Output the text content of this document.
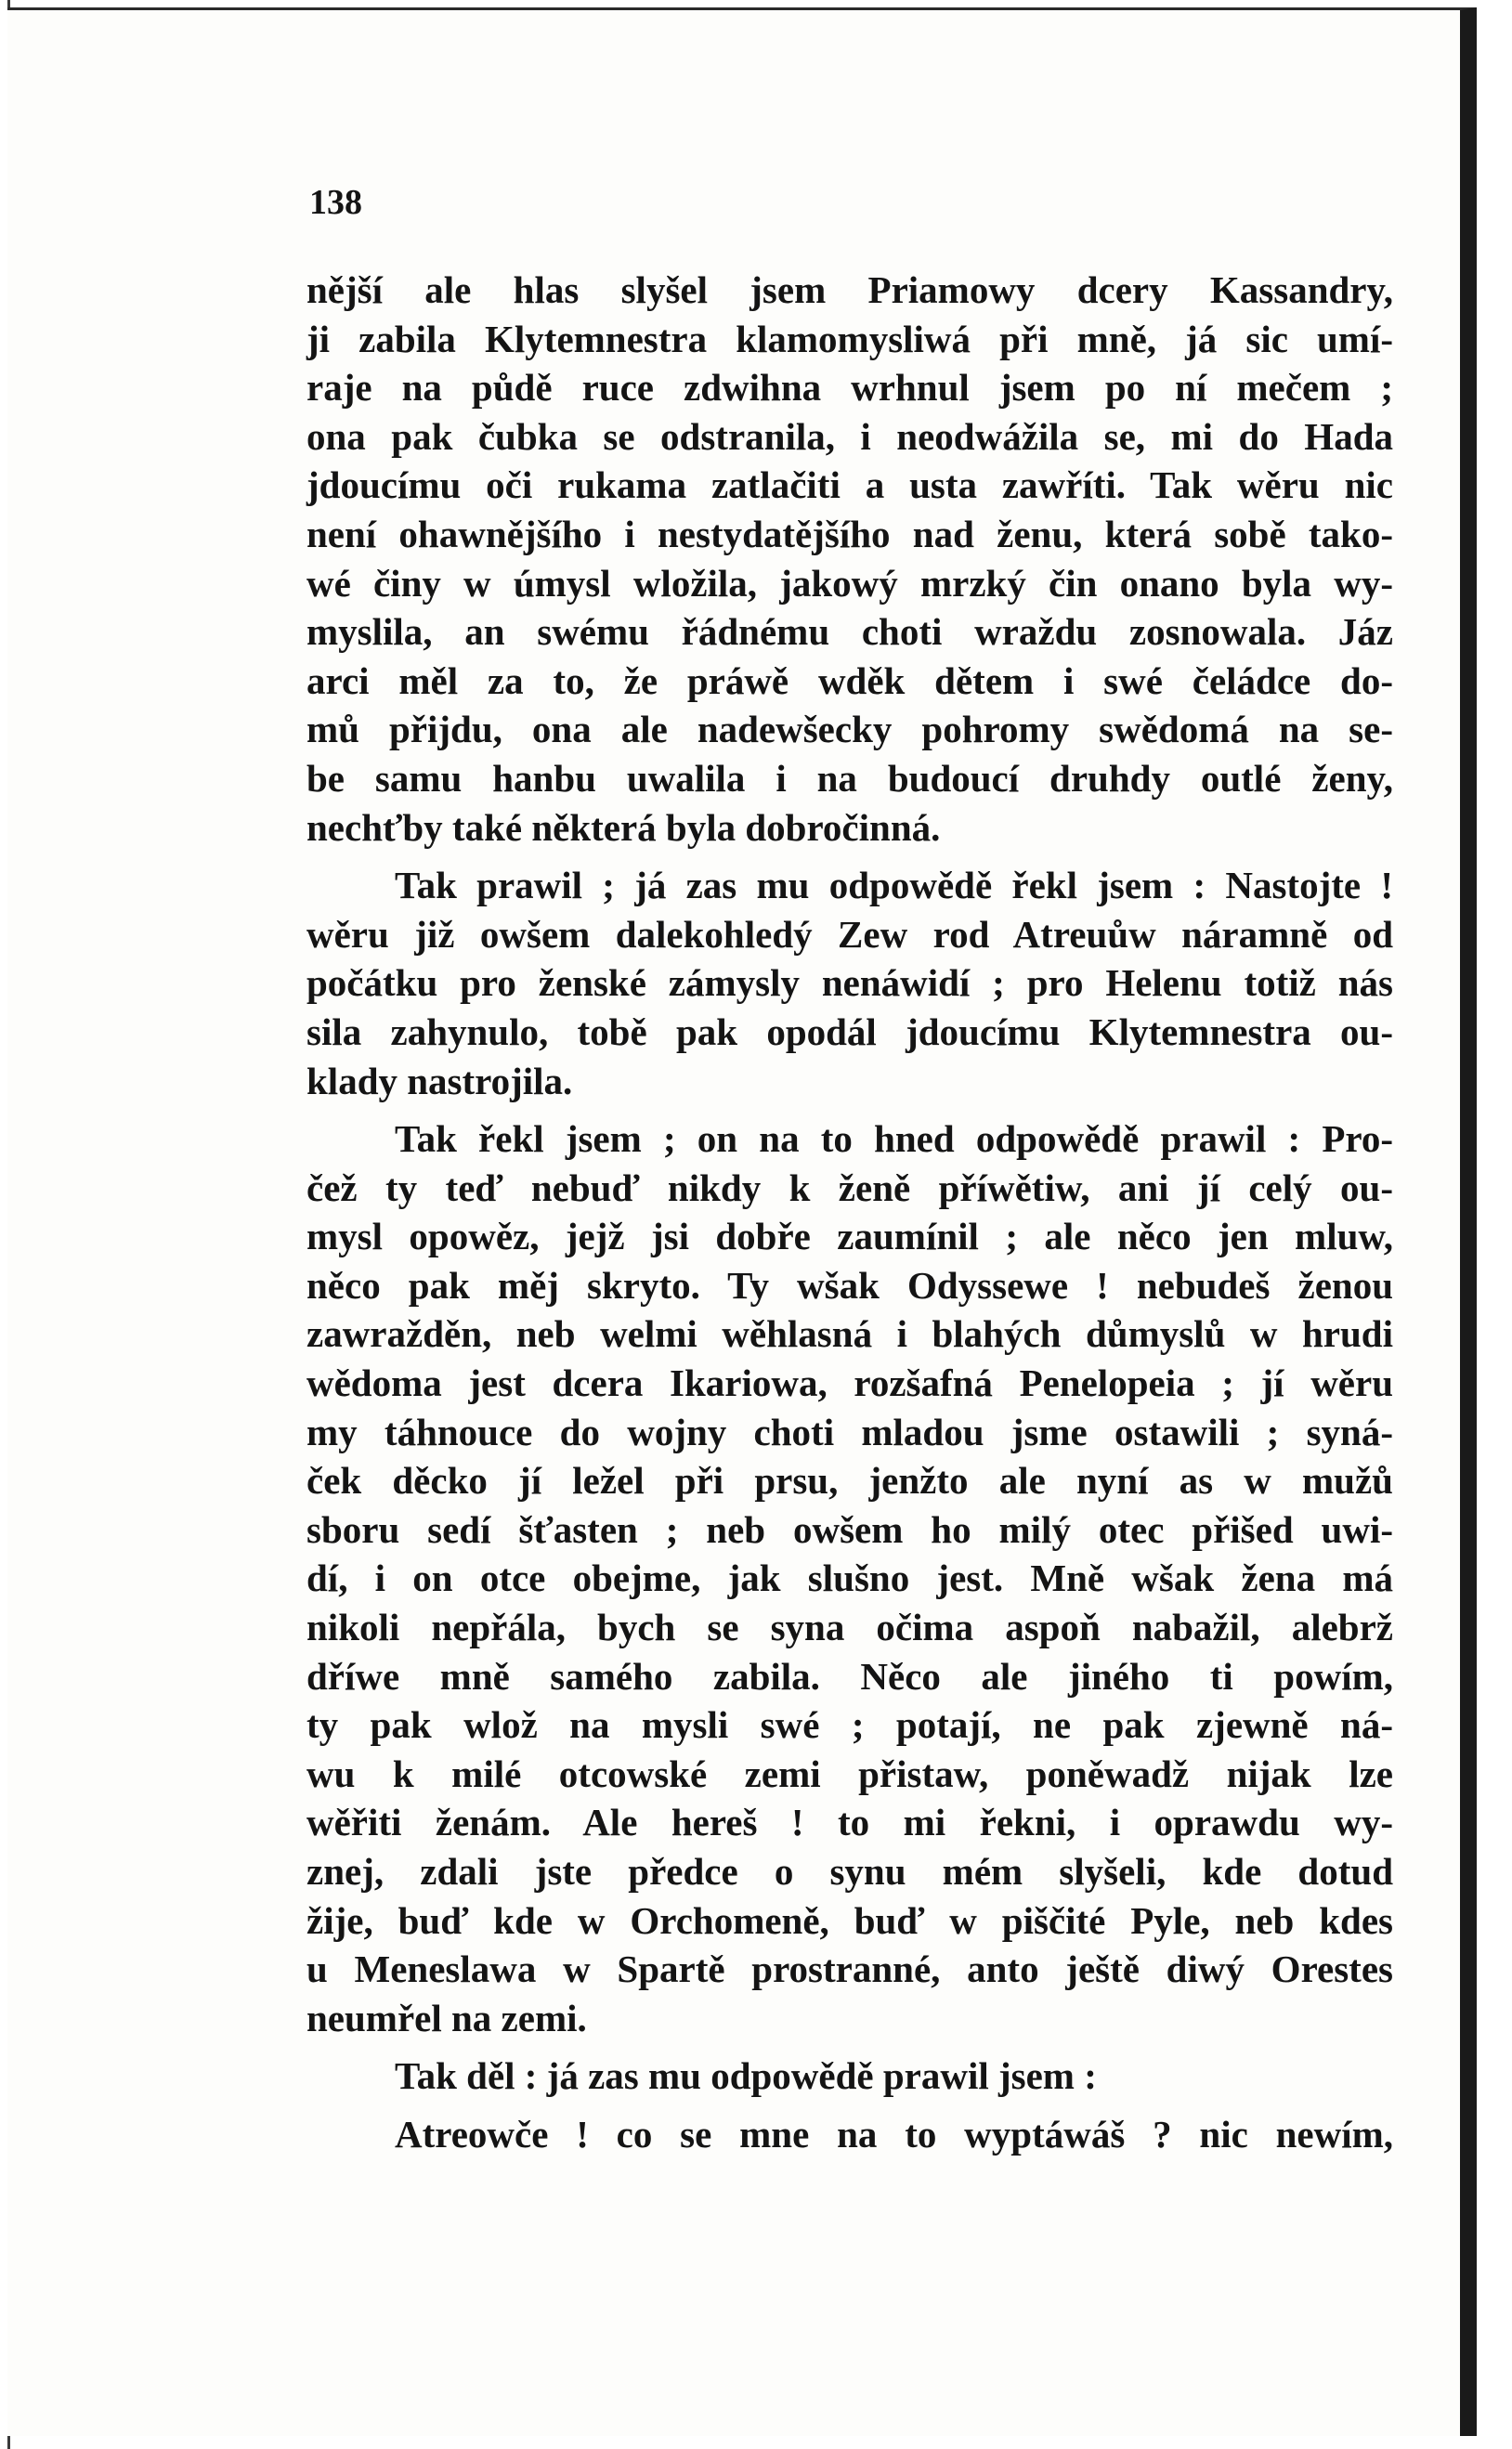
138
nější ale hlas slyšel jsem Priamowy dcery Kassandry,
ji zabila Klytemnestra klamomysliwá při mně, já sic umí-
raje na půdě ruce zdwihna wrhnul jsem po ní mečem ;
ona pak čubka se odstranila, i neodwážila se, mi do Hada
jdoucímu oči rukama zatlačiti a usta zawříti. Tak wěru nic
není ohawnějšího i nestydatějšího nad ženu, která sobě tako-
wé činy w úmysl wložila, jakowý mrzký čin onano byla wy-
myslila, an swému řádnému choti wraždu zosnowala. Jáz
arci měl za to, že práwě wděk dětem i swé čeládce do-
mů přijdu, ona ale nadewšecky pohromy swědomá na se-
be samu hanbu uwalila i na budoucí druhdy outlé ženy,
nechťby také některá byla dobročinná.
Tak prawil ; já zas mu odpowědě řekl jsem : Nastojte !
wěru již owšem dalekohledý Zew rod Atreuůw náramně od
počátku pro ženské zámysly nenáwidí ; pro Helenu totiž nás
sila zahynulo, tobě pak opodál jdoucímu Klytemnestra ou-
klady nastrojila.
Tak řekl jsem ; on na to hned odpowědě prawil : Pro-
čež ty teď nebuď nikdy k ženě příwětiw, ani jí celý ou-
mysl opowěz, jejž jsi dobře zaumínil ; ale něco jen mluw,
něco pak měj skryto. Ty wšak Odyssewe ! nebudeš ženou
zawražděn, neb welmi wěhlasná i blahých důmyslů w hrudi
wědoma jest dcera Ikariowa, rozšafná Penelopeia ; jí wěru
my táhnouce do wojny choti mladou jsme ostawili ; syná-
ček děcko jí ležel při prsu, jenžto ale nyní as w mužů
sboru sedí šťasten ; neb owšem ho milý otec přišed uwi-
dí, i on otce obejme, jak slušno jest. Mně wšak žena má
nikoli nepřála, bych se syna očima aspoň nabažil, alebrž
dříwe mně samého zabila. Něco ale jiného ti powím,
ty pak wlož na mysli swé ; potají, ne pak zjewně ná-
wu k milé otcowské zemi přistaw, poněwadž nijak lze
wěřiti ženám. Ale hereš ! to mi řekni, i oprawdu wy-
znej, zdali jste předce o synu mém slyšeli, kde dotud
žije, buď kde w Orchomeně, buď w piščité Pyle, neb kdes
u Meneslawa w Spartě prostranné, anto ještě diwý Orestes
neumřel na zemi.
Tak děl : já zas mu odpowědě prawil jsem :
Atreowče ! co se mne na to wyptáwáš ? nic newím,
